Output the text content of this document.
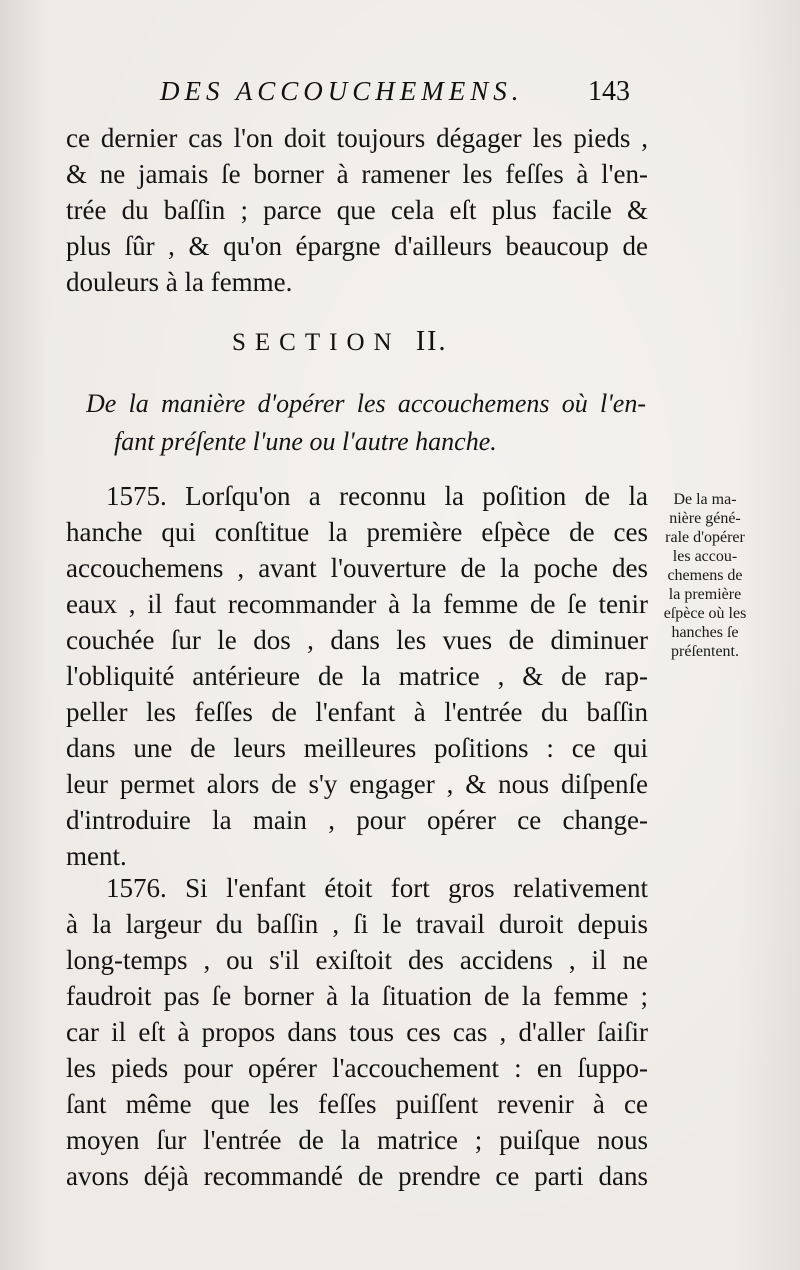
DES ACCOUCHEMENS. 143
ce dernier cas l'on doit toujours dégager les pieds ,
& ne jamais ſe borner à ramener les feſſes à l'en-
trée du baſſin ; parce que cela eſt plus facile &
plus ſûr , & qu'on épargne d'ailleurs beaucoup de
douleurs à la femme.
SECTION II.
De la manière d'opérer les accouchemens où l'en-
fant préſente l'une ou l'autre hanche.
1575. Lorſqu'on a reconnu la poſition de la
hanche qui conſtitue la première eſpèce de ces
accouchemens , avant l'ouverture de la poche des
eaux , il faut recommander à la femme de ſe tenir
couchée ſur le dos , dans les vues de diminuer
l'obliquité antérieure de la matrice , & de rap-
peller les feſſes de l'enfant à l'entrée du baſſin
dans une de leurs meilleures poſitions : ce qui
leur permet alors de s'y engager , & nous diſpenſe
d'introduire la main , pour opérer ce change-
ment.
De la ma-
nière géné-
rale d'opérer
les accou-
chemens de
la première
eſpèce où les
hanches ſe
préſentent.
1576. Si l'enfant étoit fort gros relativement
à la largeur du baſſin , ſi le travail duroit depuis
long-temps , ou s'il exiſtoit des accidens , il ne
faudroit pas ſe borner à la ſituation de la femme ;
car il eſt à propos dans tous ces cas , d'aller ſaiſir
les pieds pour opérer l'accouchement : en ſuppo-
ſant même que les feſſes puiſſent revenir à ce
moyen ſur l'entrée de la matrice ; puiſque nous
avons déjà recommandé de prendre ce parti dans
